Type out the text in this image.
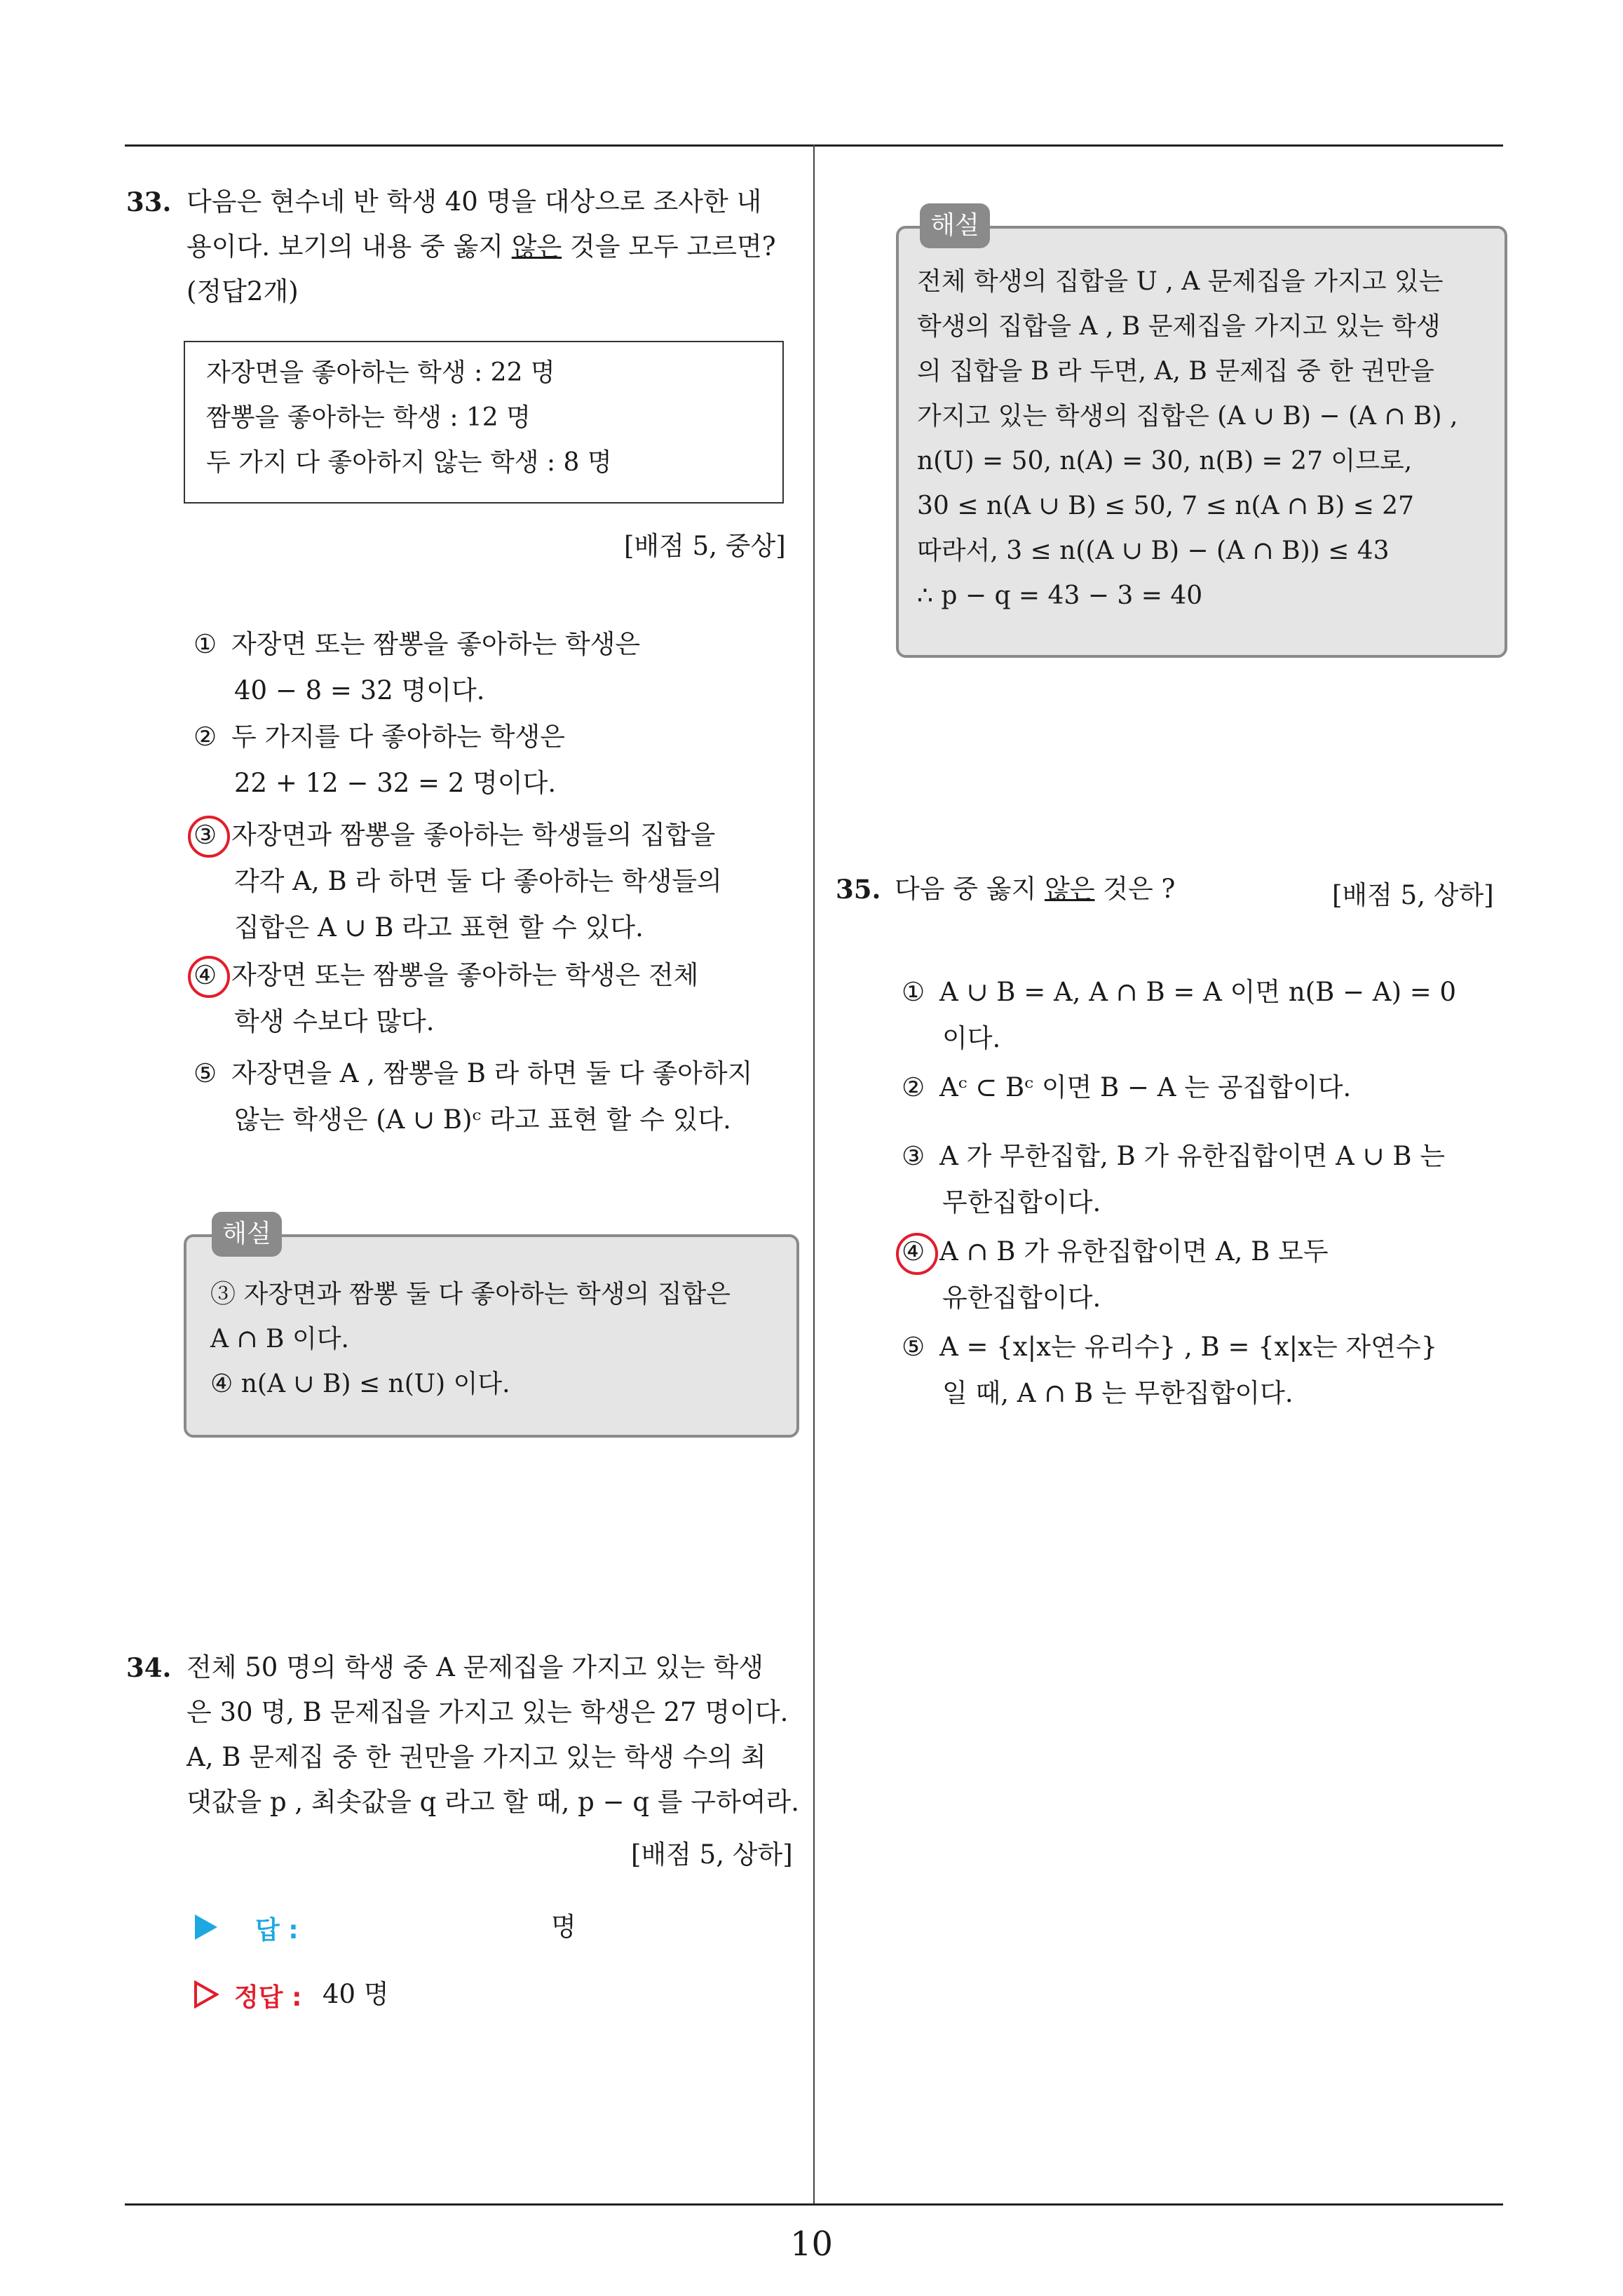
10
33. 다음은 현수네 반 학생 40 명을 대상으로 조사한 내
용이다. 보기의 내용 중 옳지 않은 것을 모두 고르면?
(정답2개)
자장면을 좋아하는 학생 : 22 명
짬뽕을 좋아하는 학생 : 12 명
두 가지 다 좋아하지 않는 학생 : 8 명
[배점 5, 중상]
① 자장면 또는 짬뽕을 좋아하는 학생은
40 − 8 = 32 명이다.
② 두 가지를 다 좋아하는 학생은
22 + 12 − 32 = 2 명이다.
③ 자장면과 짬뽕을 좋아하는 학생들의 집합을
각각 A, B 라 하면 둘 다 좋아하는 학생들의
집합은 A ∪ B 라고 표현 할 수 있다.
④ 자장면 또는 짬뽕을 좋아하는 학생은 전체
학생 수보다 많다.
⑤ 자장면을 A , 짬뽕을 B 라 하면 둘 다 좋아하지
않는 학생은 (A ∪ B)ᶜ 라고 표현 할 수 있다.
③ 자장면과 짬뽕 둘 다 좋아하는 학생의 집합은
A ∩ B 이다.
④ n(A ∪ B) ≤ n(U) 이다.
해설
34. 전체 50 명의 학생 중 A 문제집을 가지고 있는 학생
은 30 명, B 문제집을 가지고 있는 학생은 27 명이다.
A, B 문제집 중 한 권만을 가지고 있는 학생 수의 최
댓값을 p , 최솟값을 q 라고 할 때, p − q 를 구하여라.
[배점 5, 상하]
답 :	명
정답 : 40 명
전체 학생의 집합을 U , A 문제집을 가지고 있는
학생의 집합을 A , B 문제집을 가지고 있는 학생
의 집합을 B 라 두면, A, B 문제집 중 한 권만을
가지고 있는 학생의 집합은 (A ∪ B) − (A ∩ B) ,
n(U) = 50, n(A) = 30, n(B) = 27 이므로,
30 ≤ n(A ∪ B) ≤ 50, 7 ≤ n(A ∩ B) ≤ 27
따라서, 3 ≤ n((A ∪ B) − (A ∩ B)) ≤ 43
∴ p − q = 43 − 3 = 40
해설
35. 다음 중 옳지 않은 것은 ?	[배점 5, 상하]
① A ∪ B = A, A ∩ B = A 이면 n(B − A) = 0
이다.
② Aᶜ ⊂ Bᶜ 이면 B − A 는 공집합이다.
③ A 가 무한집합, B 가 유한집합이면 A ∪ B 는
무한집합이다.
④ A ∩ B 가 유한집합이면 A, B 모두
유한집합이다.
⑤ A = {x|x는 유리수} , B = {x|x는 자연수}
일 때, A ∩ B 는 무한집합이다.
